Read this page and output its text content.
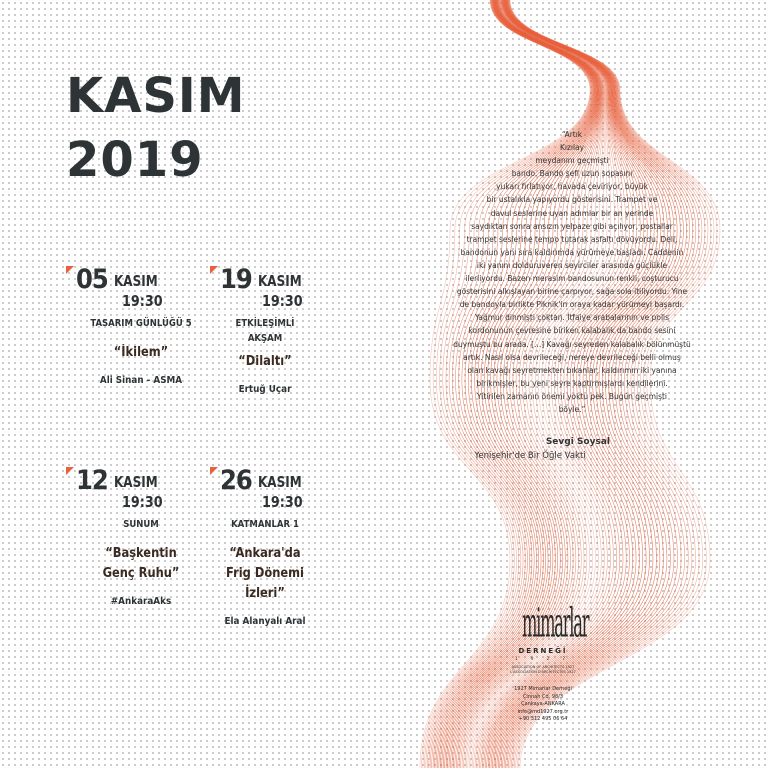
KASIM
2019
05 KASIM
19:30
TASARIM GÜNLÜĞÜ 5
“İkilem”
Ali Sinan - ASMA
19 KASIM
19:30
ETKİLEŞİMLİ AKŞAM
“Dilaltı”
Ertuğ Uçar
12 KASIM
19:30
SUNUM
“Başkentin Genç Ruhu”
#AnkaraAks
26 KASIM
19:30
KATMANLAR 1
“Ankara'da Frig Dönemi İzleri”
Ela Alanyalı Aral
“Artık
Kızılay
meydanını geçmişti
bando. Bando şefi uzun sopasını
yukarı fırlatıyor, havada çeviriyor, büyük
bir ustalıkla yapıyordu gösterisini. Trampet ve
davul seslerine uyan adımlar bir an yerinde
saydıktan sonra ansızın yelpaze gibi açılıyor, postallar
trampet seslerine tempo tutarak asfaltı dövüyordu. Deli,
bandonun yanı sıra kaldırımda yürümeye başladı. Caddenin
iki yanını dolduruveren seyirciler arasında güçlükle
ilerliyordu. Bazen merasim bandosunun renkli, coşturucu
gösterisini alkışlayan birine çarpıyor, sağa sola itiliyordu. Yine
de bandoyla birlikte Piknik'in oraya kadar yürümeyi başardı.
Yağmur dinmişti çoktan. İtfaiye arabalarının ve polis
kordonunun çevresine biriken kalabalık da bando sesini
duymuştu bu arada. [...] Kavağı seyreden kalabalık bölünmüştü
artık. Nasıl olsa devrileceği, nereye devrileceği belli olmuş
olan kavağı seyretmekten bıkanlar, kaldırımın iki yanına
birikmişler, bu yeni seyre kaptırmışlardı kendilerini.
Yitirilen zamanın önemi yoktu pek. Bugün geçmişti
böyle.”
Sevgi Soysal
Yenişehir'de Bir Öğle Vakti
mimarlar
DERNEĞİ
1 9 2 7
ASSOCIATION OF ARCHITECTS 1927
L'ASSOCIATION D'ARCHITECTES 1927
1927 Mimarlar Derneği
Cinnah Cd. 98/3
Çankaya-ANKARA
info@md1927.org.tr
+90 312 495 06 64
